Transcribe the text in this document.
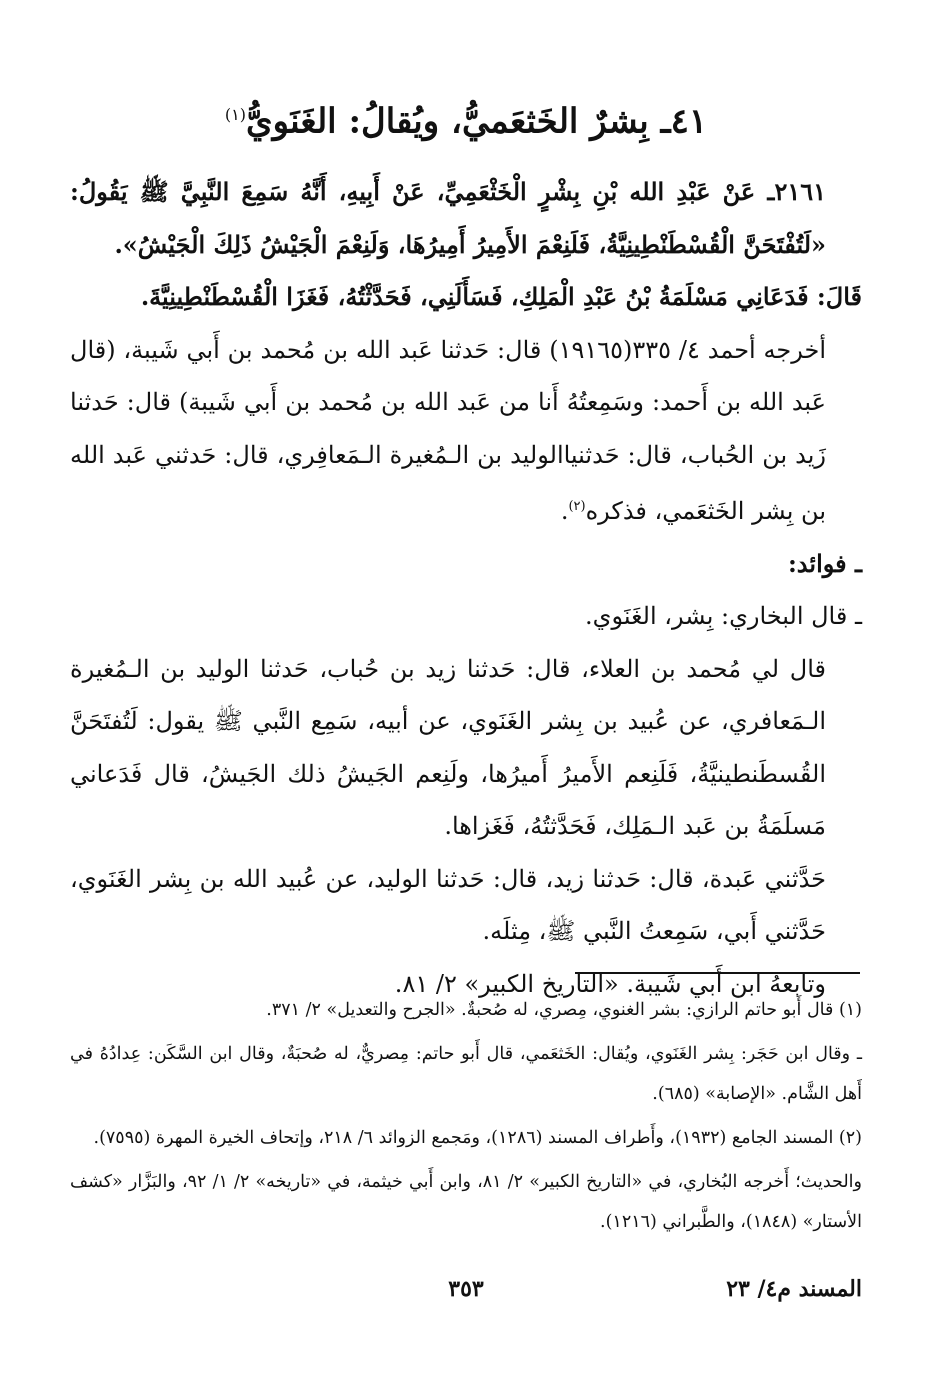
٤١ـ بِشرٌ الخَثعَميُّ، ويُقالُ: الغَنَويُّ$^{(١)}$

٢١٦١ـ عَنْ عَبْدِ الله بْنِ بِشْرٍ الْخَثْعَمِيِّ، عَنْ أَبِيهِ، أَنَّهُ سَمِعَ النَّبِيَّ ﷺ يَقُولُ: «لَتُفْتَحَنَّ الْقُسْطَنْطِينِيَّةُ، فَلَنِعْمَ الأَمِيرُ أَمِيرُهَا، وَلَنِعْمَ الْجَيْشُ ذَلِكَ الْجَيْشُ».

قَالَ: فَدَعَانِي مَسْلَمَةُ بْنُ عَبْدِ الْمَلِكِ، فَسَأَلَنِي، فَحَدَّثْتُهُ، فَغَزَا الْقُسْطَنْطِينِيَّةَ.

أخرجه أحمد ٤/ ٣٣٥(١٩١٦٥) قال: حَدثنا عَبد الله بن مُحمد بن أَبي شَيبة، (قال عَبد الله بن أَحمد: وسَمِعتُهُ أَنا من عَبد الله بن مُحمد بن أَبي شَيبة) قال: حَدثنا زَيد بن الحُباب، قال: حَدثنياالوليد بن الـمُغيرة الـمَعافِري، قال: حَدثني عَبد الله بن بِشر الخَثعَمي، فذكره$^{(٢)}$.

ـ فوائد:

ـ قال البخاري: بِشر، الغَنَوي.

قال لي مُحمد بن العلاء، قال: حَدثنا زيد بن حُباب، حَدثنا الوليد بن الـمُغيرة الـمَعافري، عن عُبيد بن بِشر الغَنَوي، عن أبيه، سَمِع النَّبي ﷺ يقول: لَتُفتَحَنَّ القُسطَنطينيَّةُ، فَلَنِعم الأَميرُ أَميرُها، ولَنِعم الجَيشُ ذلك الجَيشُ، قال فَدَعاني مَسلَمَةُ بن عَبد الـمَلِك، فَحَدَّثتُهُ، فَغَزاها.

حَدَّثني عَبدة، قال: حَدثنا زيد، قال: حَدثنا الوليد، عن عُبيد الله بن بِشر الغَنَوي، حَدَّثني أَبي، سَمِعتُ النَّبي ﷺ، مِثلَه.

وتابعهُ ابن أَبي شَيبة. «التاريخ الكبير» ٢/ ٨١.

(١) قال أَبو حاتم الرازي: بشر الغنوي، مِصري، له صُحبةٌ. «الجرح والتعديل» ٢/ ٣٧١.

ـ وقال ابن حَجَر: بِشر الغَنَوي، ويُقال: الخَثعَمي، قال أَبو حاتم: مِصريٌّ، له صُحبَةٌ، وقال ابن السَّكَن: عِدادُهُ في أَهل الشَّام. «الإصابة» (٦٨٥).

(٢) المسند الجامع (١٩٣٢)، وأَطراف المسند (١٢٨٦)، ومَجمع الزوائد ٦/ ٢١٨، وإتحاف الخيرة المهرة (٧٥٩٥).

والحديث؛ أَخرجه البُخاري، في «التاريخ الكبير» ٢/ ٨١، وابن أَبي خيثمة، في «تاريخه» ٢/ ١/ ٩٢، والبَزَّار «كشف الأستار» (١٨٤٨)، والطَّبراني (١٢١٦).

المسند م٤/ ٢٣
٣٥٣
